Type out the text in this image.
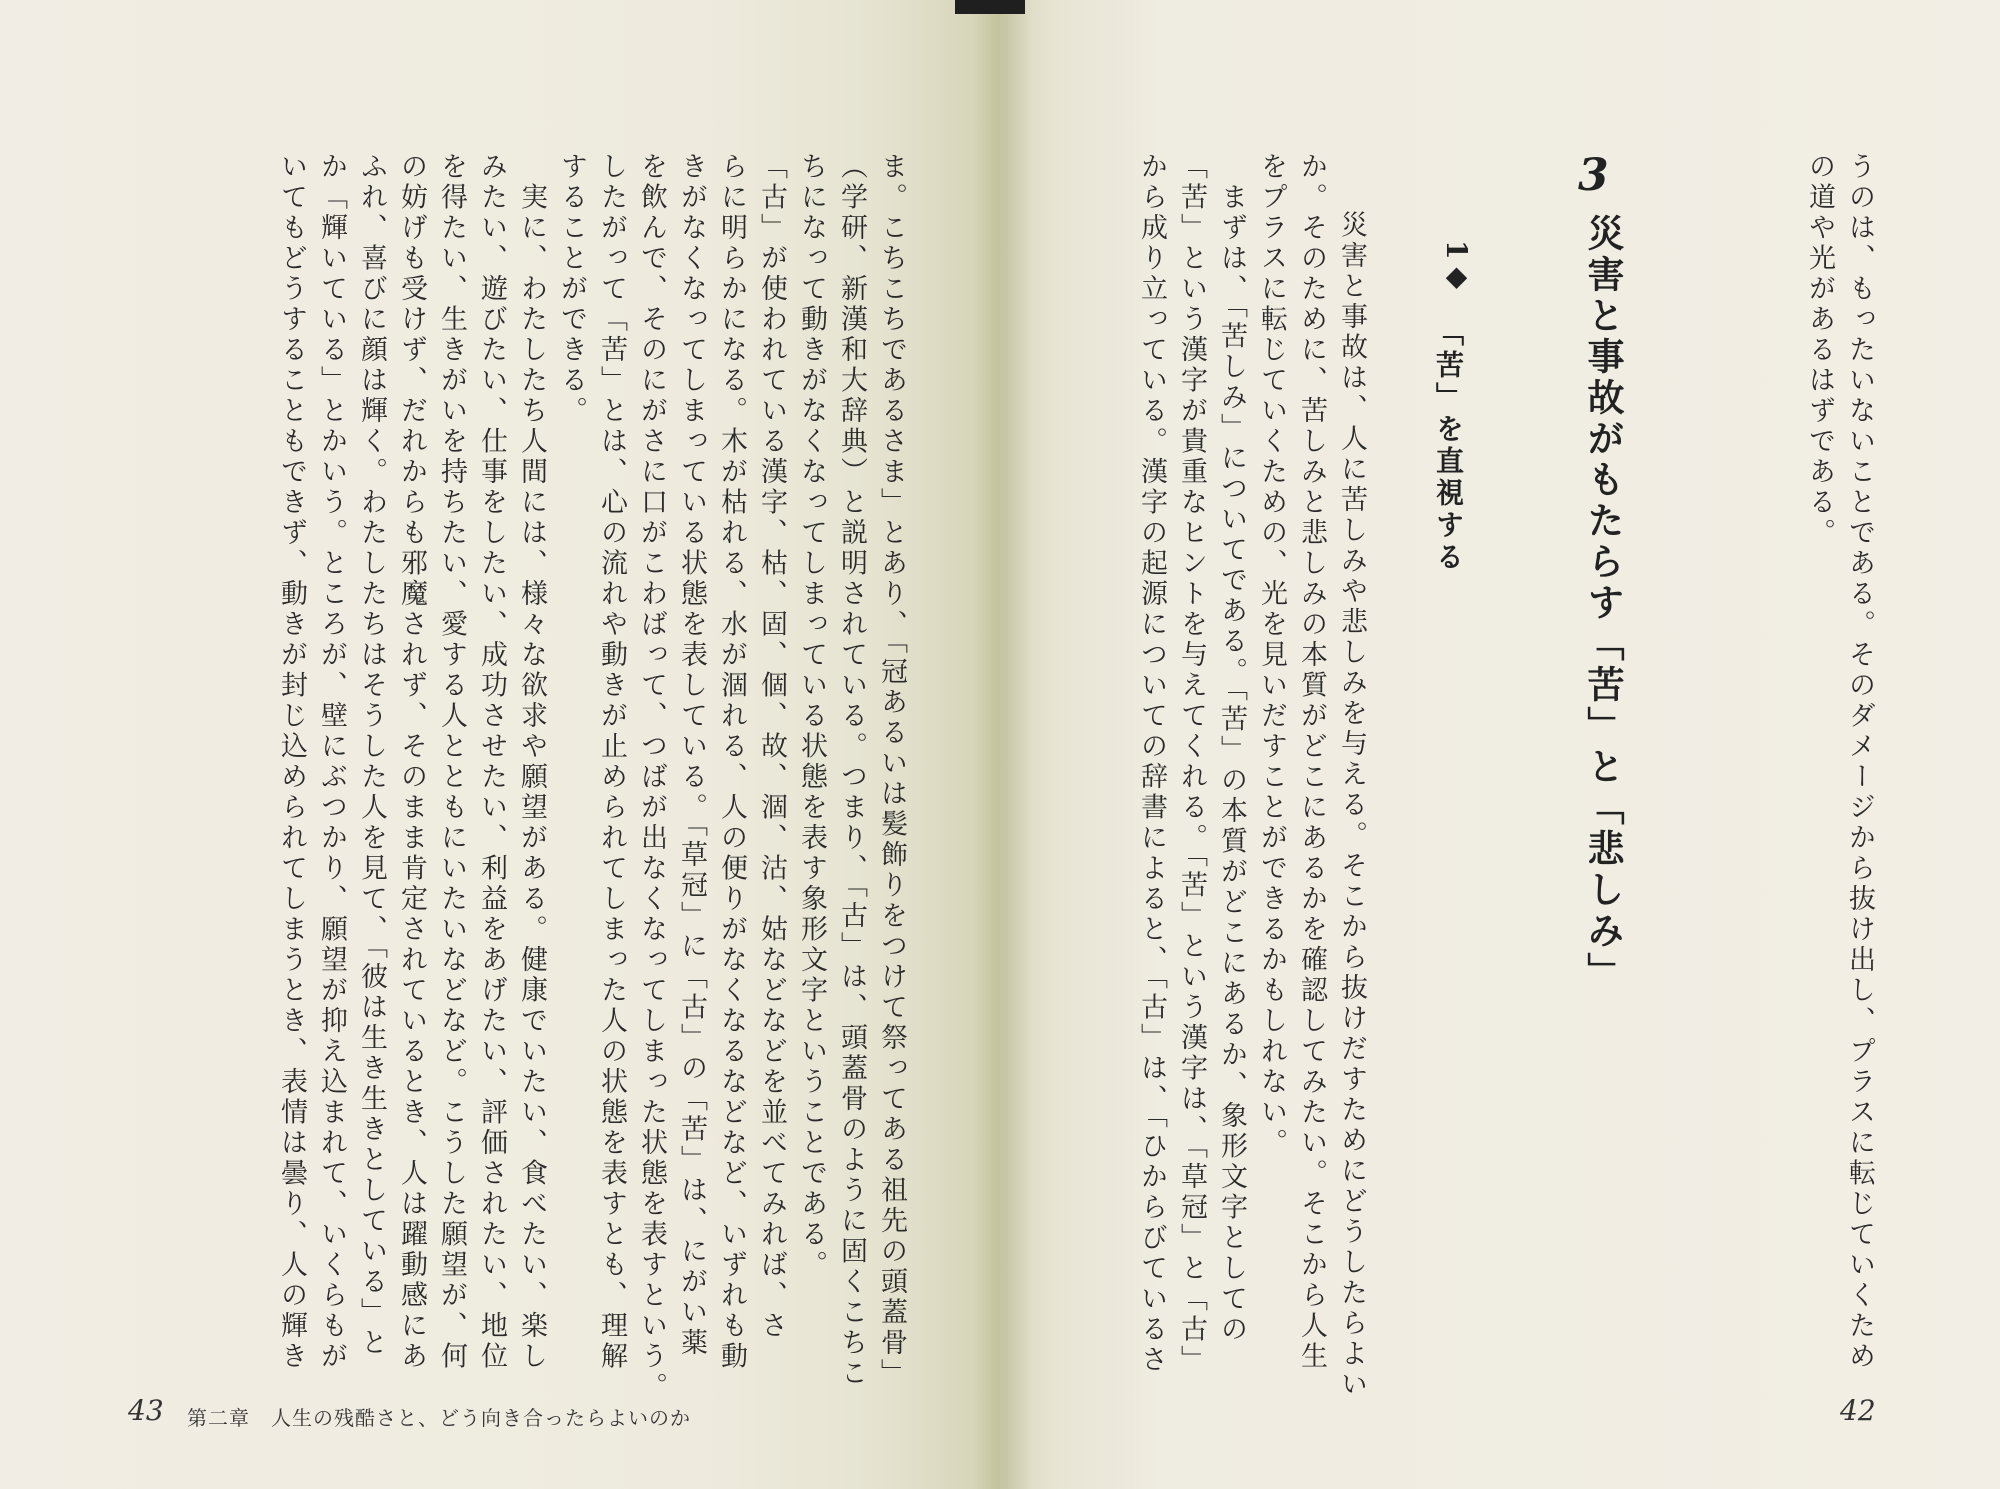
ま。こちこちであるさま」とあり、「冠あるいは髪飾りをつけて祭ってある祖先の頭蓋骨」
（学研、新漢和大辞典）と説明されている。つまり、「古」は、頭蓋骨のように固くこちこ
ちになって動きがなくなってしまっている状態を表す象形文字ということである。
「古」が使われている漢字、枯、固、個、故、涸、沽、姑などなどを並べてみれば、さ
らに明らかになる。木が枯れる、水が涸れる、人の便りがなくなるなどなど、いずれも動
きがなくなってしまっている状態を表している。「草冠」に「古」の「苦」は、にがい薬
を飲んで、そのにがさに口がこわばって、つばが出なくなってしまった状態を表すという。
したがって「苦」とは、心の流れや動きが止められてしまった人の状態を表すとも、理解
することができる。
　実に、わたしたち人間には、様々な欲求や願望がある。健康でいたい、食べたい、楽し
みたい、遊びたい、仕事をしたい、成功させたい、利益をあげたい、評価されたい、地位
を得たい、生きがいを持ちたい、愛する人とともにいたいなどなど。こうした願望が、何
の妨げも受けず、だれからも邪魔されず、そのまま肯定されているとき、人は躍動感にあ
ふれ、喜びに顔は輝く。わたしたちはそうした人を見て、「彼は生き生きとしている」と
か「輝いている」とかいう。ところが、壁にぶつかり、願望が抑え込まれて、いくらもが
いてもどうすることもできず、動きが封じ込められてしまうとき、表情は曇り、人の輝き
43 第二章　人生の残酷さと、どう向き合ったらよいのか
うのは、もったいないことである。そのダメージから抜け出し、プラスに転じていくため
の道や光があるはずである。
3
災害と事故がもたらす「苦」と「悲しみ」
1◆
「苦」を直視する
　災害と事故は、人に苦しみや悲しみを与える。そこから抜けだすためにどうしたらよい
か。そのために、苦しみと悲しみの本質がどこにあるかを確認してみたい。そこから人生
をプラスに転じていくための、光を見いだすことができるかもしれない。
　まずは、「苦しみ」についてである。「苦」の本質がどこにあるか、象形文字としての
「苦」という漢字が貴重なヒントを与えてくれる。「苦」という漢字は、「草冠」と「古」
から成り立っている。漢字の起源についての辞書によると、「古」は、「ひからびているさ
42
